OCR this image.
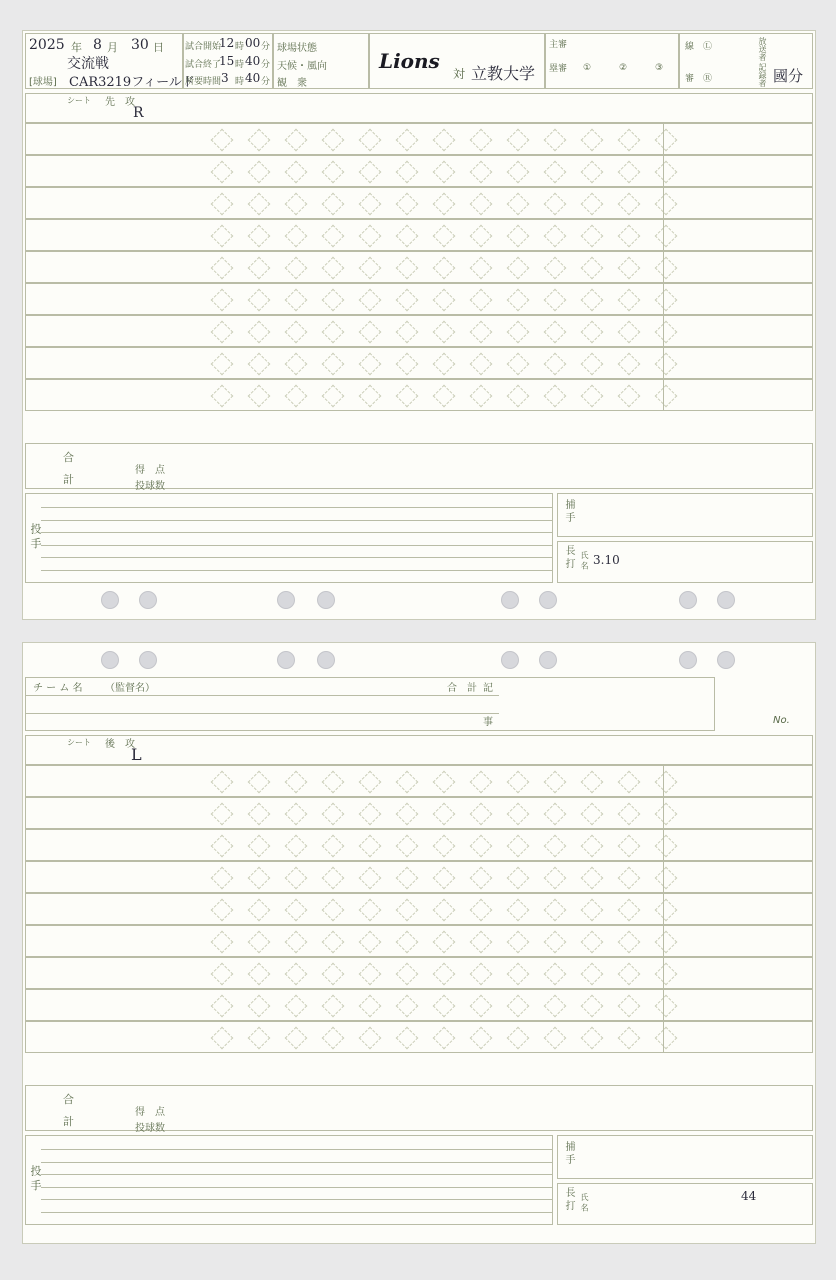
2025 年 8 月 30 日
交流戦
[球場] CAR3219フィールド
試合開始
12 時 00 分
試合終了
15 時 40 分
所要時間 3 時 40 分
球場状態
天候・風向
観　衆
Lions
対 立教大学
主審
塁審 ①	②	③
線 Ⓛ
審 Ⓡ
放送者
記録者 國分
シート 先　攻
R
合
計
得　点
投球数
投 手
捕 手
長 打 氏 名 3.10
チ ー ム 名 （監督名）	合　計 記
事	No.
シート 後　攻
L
合
計
得　点
投球数
投 手
捕 手
長 打 氏 名	44
